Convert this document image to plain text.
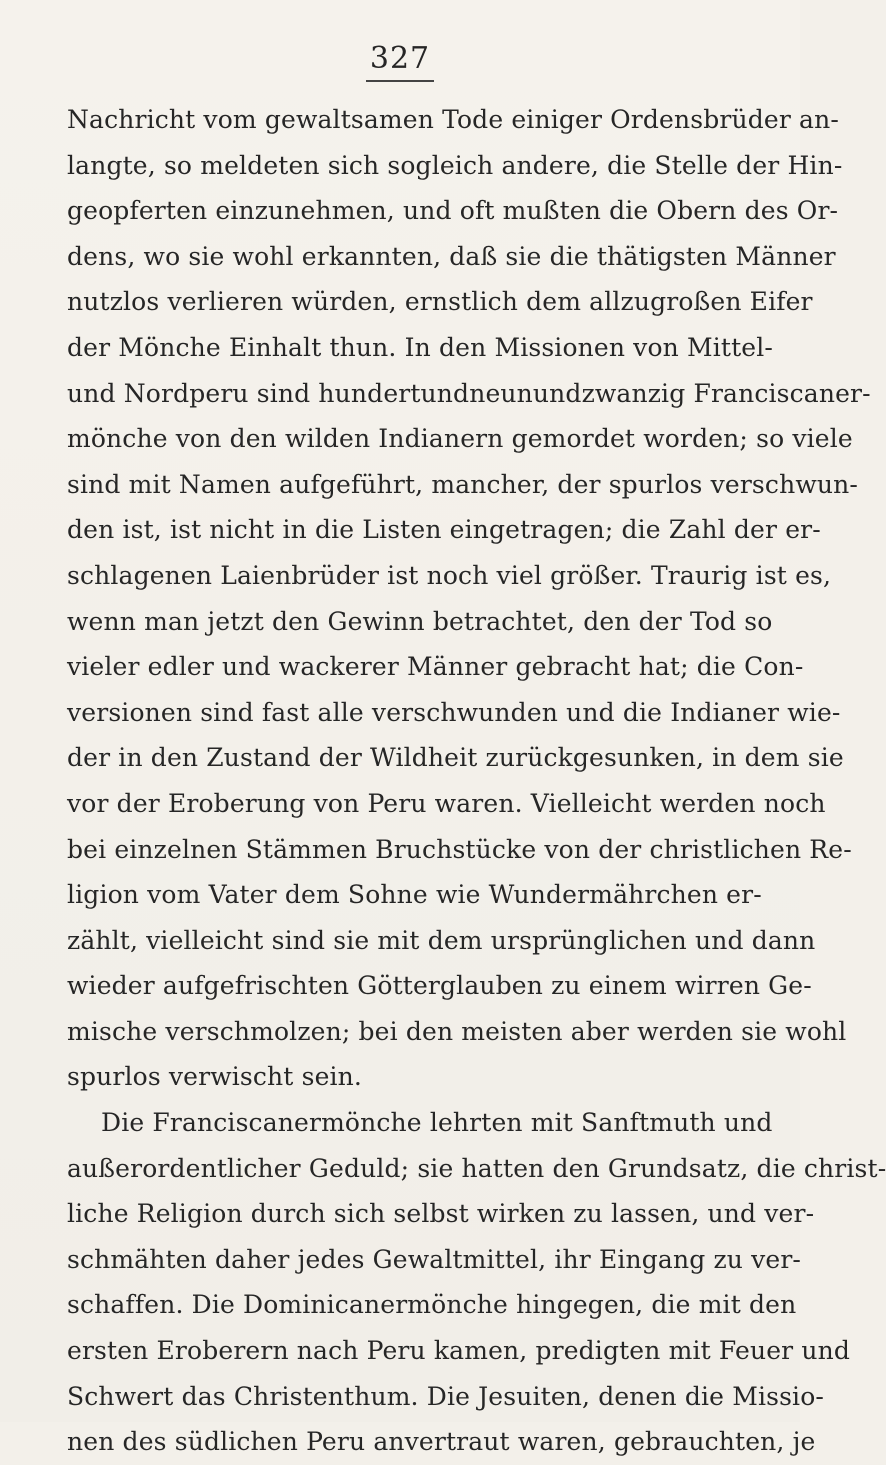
327
Nachricht vom gewaltsamen Tode einiger Ordensbrüder an-
langte, so meldeten sich sogleich andere, die Stelle der Hin-
geopferten einzunehmen, und oft mußten die Obern des Or-
dens, wo sie wohl erkannten, daß sie die thätigsten Männer
nutzlos verlieren würden, ernstlich dem allzugroßen Eifer
der Mönche Einhalt thun. In den Missionen von Mittel-
und Nordperu sind hundertundneunundzwanzig Franciscaner-
mönche von den wilden Indianern gemordet worden; so viele
sind mit Namen aufgeführt, mancher, der spurlos verschwun-
den ist, ist nicht in die Listen eingetragen; die Zahl der er-
schlagenen Laienbrüder ist noch viel größer. Traurig ist es,
wenn man jetzt den Gewinn betrachtet, den der Tod so
vieler edler und wackerer Männer gebracht hat; die Con-
versionen sind fast alle verschwunden und die Indianer wie-
der in den Zustand der Wildheit zurückgesunken, in dem sie
vor der Eroberung von Peru waren. Vielleicht werden noch
bei einzelnen Stämmen Bruchstücke von der christlichen Re-
ligion vom Vater dem Sohne wie Wundermährchen er-
zählt, vielleicht sind sie mit dem ursprünglichen und dann
wieder aufgefrischten Götterglauben zu einem wirren Ge-
mische verschmolzen; bei den meisten aber werden sie wohl
spurlos verwischt sein.
Die Franciscanermönche lehrten mit Sanftmuth und
außerordentlicher Geduld; sie hatten den Grundsatz, die christ-
liche Religion durch sich selbst wirken zu lassen, und ver-
schmähten daher jedes Gewaltmittel, ihr Eingang zu ver-
schaffen. Die Dominicanermönche hingegen, die mit den
ersten Eroberern nach Peru kamen, predigten mit Feuer und
Schwert das Christenthum. Die Jesuiten, denen die Missio-
nen des südlichen Peru anvertraut waren, gebrauchten, je
